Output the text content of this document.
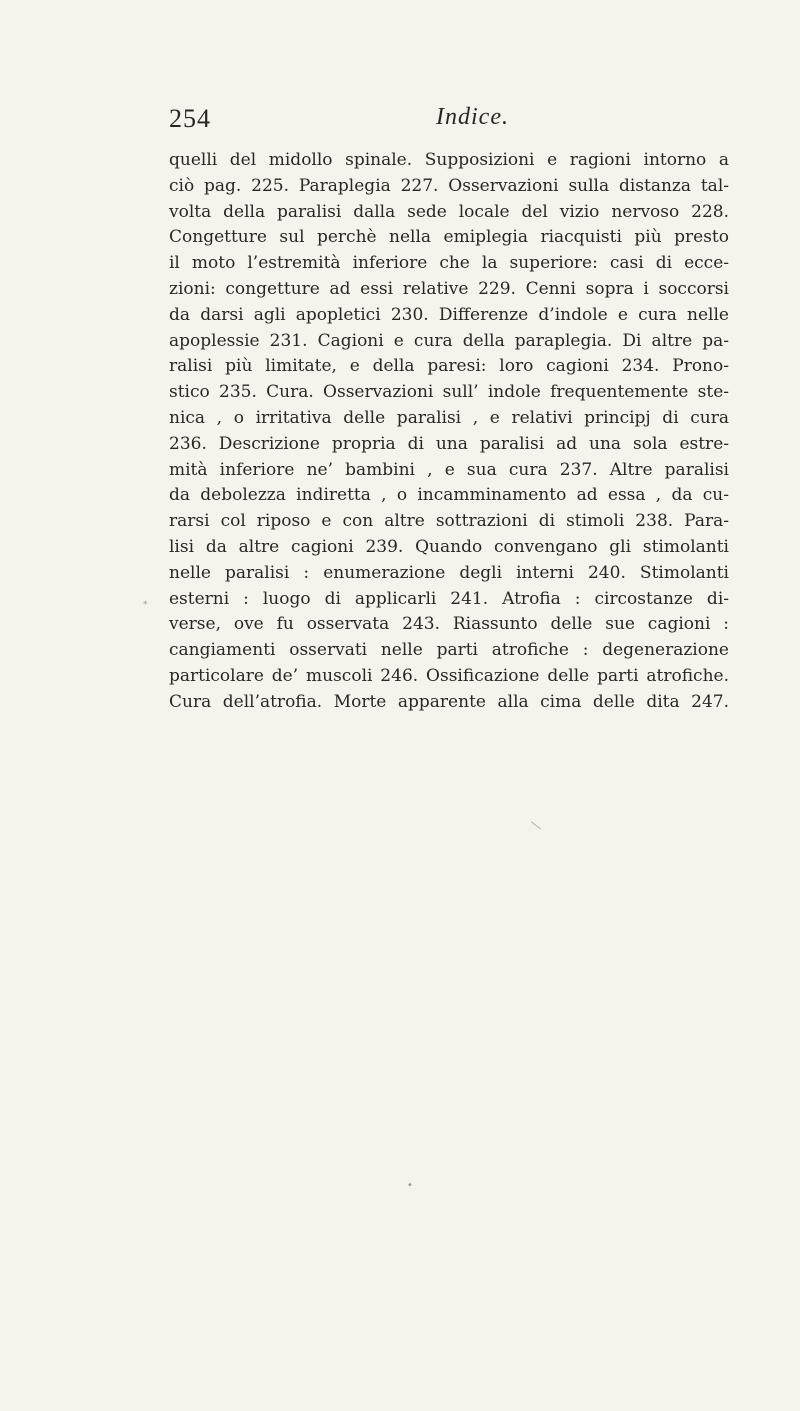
254	Indice.
quelli del midollo spinale. Supposizioni e ragioni intorno a
ciò pag. 225. Paraplegia 227. Osservazioni sulla distanza tal-
volta della paralisi dalla sede locale del vizio nervoso 228.
Congetture sul perchè nella emiplegia riacquisti più presto
il moto l’estremità inferiore che la superiore: casi di ecce-
zioni: congetture ad essi relative 229. Cenni sopra i soccorsi
da darsi agli apopletici 230. Differenze d’indole e cura nelle
apoplessie 231. Cagioni e cura della paraplegia. Di altre pa-
ralisi più limitate, e della paresi: loro cagioni 234. Prono-
stico 235. Cura. Osservazioni sull’ indole frequentemente ste-
nica , o irritativa delle paralisi , e relativi principj di cura
236. Descrizione propria di una paralisi ad una sola estre-
mità inferiore ne’ bambini , e sua cura 237. Altre paralisi
da debolezza indiretta , o incamminamento ad essa , da cu-
rarsi col riposo e con altre sottrazioni di stimoli 238. Para-
lisi da altre cagioni 239. Quando convengano gli stimolanti
nelle paralisi : enumerazione degli interni 240. Stimolanti
esterni : luogo di applicarli 241. Atrofia : circostanze di-
verse, ove fu osservata 243. Riassunto delle sue cagioni :
cangiamenti osservati nelle parti atrofiche : degenerazione
particolare de’ muscoli 246. Ossificazione delle parti atrofiche.
Cura dell’atrofia. Morte apparente alla cima delle dita 247.
*
•
